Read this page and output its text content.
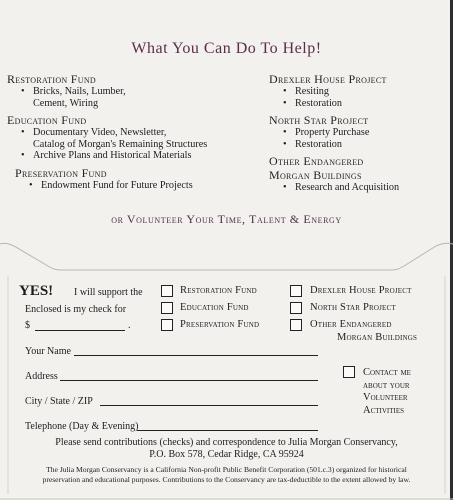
What You Can Do To Help!
Restoration Fund
• Bricks, Nails, Lumber,
Cement, Wiring
Education Fund
• Documentary Video, Newsletter,
Catalog of Morgan's Remaining Structures
• Archive Plans and Historical Materials
Preservation Fund
• Endowment Fund for Future Projects
Drexler House Project
• Resiting
• Restoration
North Star Project
• Property Purchase
• Restoration
Other Endangered
Morgan Buildings
• Research and Acquisition
or Volunteer Your Time, Talent & Energy
YES! I will support the
Enclosed is my check for
$	.
Restoration Fund
Education Fund
Preservation Fund
Drexler House Project
North Star Project
Other Endangered
Morgan Buildings
Your Name
Address
City / State / ZIP
Telephone (Day & Evening)
Contact me
about your
Volunteer
Activities
Please send contributions (checks) and correspondence to Julia Morgan Conservancy,
P.O. Box 578, Cedar Ridge, CA 95924
The Julia Morgan Conservancy is a California Non-profit Public Benefit Corporation (501.c.3) organized for historical
preservation and educational purposes. Contributions to the Conservancy are tax-deductible to the extent allowed by law.
